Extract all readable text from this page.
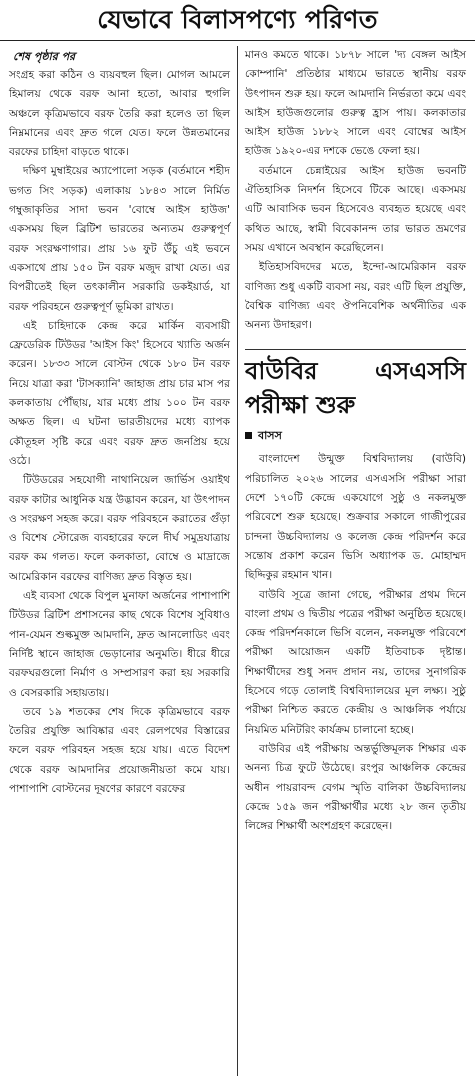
যেভাবে বিলাসপণ্যে পরিণত
শেষ পৃষ্ঠার পর

সংগ্রহ করা কঠিন ও ব্যয়বহুল ছিল। মোগল আমলে হিমালয় থেকে বরফ আনা হতো, আবার হুগলি অঞ্চলে কৃত্রিমভাবে বরফ তৈরি করা হলেও তা ছিল নিম্নমানের এবং দ্রুত গলে যেত। ফলে উন্নতমানের বরফের চাহিদা বাড়তে থাকে।

দক্ষিণ মুম্বাইয়ের অ্যাপোলো সড়ক (বর্তমানে শহীদ ভগত সিং সড়ক) এলাকায় ১৮৪৩ সালে নির্মিত গম্বুজাকৃতির সাদা ভবন 'বোম্বে আইস হাউজ' একসময় ছিল ব্রিটিশ ভারতের অন্যতম গুরুত্বপূর্ণ বরফ সংরক্ষণাগার। প্রায় ১৬ ফুট উঁচু এই ভবনে একসাথে প্রায় ১৫০ টন বরফ মজুদ রাখা যেত। এর বিপরীতেই ছিল তৎকালীন সরকারি ডকইয়ার্ড, যা বরফ পরিবহনে গুরুত্বপূর্ণ ভূমিকা রাখত।

এই চাহিদাকে কেন্দ্র করে মার্কিন ব্যবসায়ী ফ্রেডেরিক টিউডর 'আইস কিং' হিসেবে খ্যাতি অর্জন করেন। ১৮৩৩ সালে বোস্টন থেকে ১৮০ টন বরফ নিয়ে যাত্রা করা 'টাসক্যানি' জাহাজ প্রায় চার মাস পর কলকাতায় পৌঁছায়, যার মধ্যে প্রায় ১০০ টন বরফ অক্ষত ছিল। এ ঘটনা ভারতীয়দের মধ্যে ব্যাপক কৌতূহল সৃষ্টি করে এবং বরফ দ্রুত জনপ্রিয় হয়ে ওঠে।

টিউডরের সহযোগী নাথানিয়েল জার্ভিস ওয়াইথ বরফ কাটার আধুনিক যন্ত্র উদ্ভাবন করেন, যা উৎপাদন ও সংরক্ষণ সহজ করে। বরফ পরিবহনে করাতের গুঁড়া ও বিশেষ স্টোরেজ ব্যবহারের ফলে দীর্ঘ সমুদ্রযাত্রায় বরফ কম গলত। ফলে কলকাতা, বোম্বে ও মাদ্রাজে আমেরিকান বরফের বাণিজ্য দ্রুত বিস্তৃত হয়।

এই ব্যবসা থেকে বিপুল মুনাফা অর্জনের পাশাপাশি টিউডর ব্রিটিশ প্রশাসনের কাছ থেকে বিশেষ সুবিধাও পান-যেমন শুল্কমুক্ত আমদানি, দ্রুত আনলোডিং এবং নির্দিষ্ট স্থানে জাহাজ ভেড়ানোর অনুমতি। ধীরে ধীরে বরফঘরগুলো নির্মাণ ও সম্প্রসারণ করা হয় সরকারি ও বেসরকারি সহায়তায়।

তবে ১৯ শতকের শেষ দিকে কৃত্রিমভাবে বরফ তৈরির প্রযুক্তি আবিষ্কার এবং রেলপথের বিস্তারের ফলে বরফ পরিবহন সহজ হয়ে যায়। এতে বিদেশ থেকে বরফ আমদানির প্রয়োজনীয়তা কমে যায়। পাশাপাশি বোস্টনের দূষণের কারণে বরফের

মানও কমতে থাকে। ১৮৭৮ সালে 'দ্য বেঙ্গল আইস কোম্পানি' প্রতিষ্ঠার মাধ্যমে ভারতে স্থানীয় বরফ উৎপাদন শুরু হয়। ফলে আমদানি নির্ভরতা কমে এবং আইস হাউজগুলোর গুরুত্ব হ্রাস পায়। কলকাতার আইস হাউজ ১৮৮২ সালে এবং বোম্বের আইস হাউজ ১৯২০-এর দশকে ভেঙে ফেলা হয়।

বর্তমানে চেন্নাইয়ের আইস হাউজ ভবনটি ঐতিহাসিক নিদর্শন হিসেবে টিকে আছে। একসময় এটি আবাসিক ভবন হিসেবেও ব্যবহৃত হয়েছে এবং কথিত আছে, স্বামী বিবেকানন্দ তার ভারত ভ্রমণের সময় এখানে অবস্থান করেছিলেন।

ইতিহাসবিদদের মতে, ইন্দো-আমেরিকান বরফ বাণিজ্য শুধু একটি ব্যবসা নয়, বরং এটি ছিল প্রযুক্তি, বৈশ্বিক বাণিজ্য এবং ঔপনিবেশিক অর্থনীতির এক অনন্য উদাহরণ।

বাউবির এসএসসি পরীক্ষা শুরু
বাসস

বাংলাদেশ উন্মুক্ত বিশ্ববিদ্যালয় (বাউবি) পরিচালিত ২০২৬ সালের এসএসসি পরীক্ষা সারা দেশে ১৭০টি কেন্দ্রে একযোগে সুষ্ঠু ও নকলমুক্ত পরিবেশে শুরু হয়েছে। শুক্রবার সকালে গাজীপুরের চান্দনা উচ্চবিদ্যালয় ও কলেজ কেন্দ্র পরিদর্শন করে সন্তোষ প্রকাশ করেন ভিসি অধ্যাপক ড. মোহাম্মদ ছিদ্দিকুর রহমান খান।

বাউবি সূত্রে জানা গেছে, পরীক্ষার প্রথম দিনে বাংলা প্রথম ও দ্বিতীয় পত্রের পরীক্ষা অনুষ্ঠিত হয়েছে। কেন্দ্র পরিদর্শনকালে ভিসি বলেন, নকলমুক্ত পরিবেশে পরীক্ষা আয়োজন একটি ইতিবাচক দৃষ্টান্ত। শিক্ষার্থীদের শুধু সনদ প্রদান নয়, তাদের সুনাগরিক হিসেবে গড়ে তোলাই বিশ্ববিদ্যালয়ের মূল লক্ষ্য। সুষ্ঠু পরীক্ষা নিশ্চিত করতে কেন্দ্রীয় ও আঞ্চলিক পর্যায়ে নিয়মিত মনিটরিং কার্যক্রম চালানো হচ্ছে।

বাউবির এই পরীক্ষায় অন্তর্ভুক্তিমূলক শিক্ষার এক অনন্য চিত্র ফুটে উঠেছে। রংপুর আঞ্চলিক কেন্দ্রের অধীন পায়রাবন্দ বেগম স্মৃতি বালিকা উচ্চবিদ্যালয় কেন্দ্রে ১৫৯ জন পরীক্ষার্থীর মধ্যে ২৮ জন তৃতীয় লিঙ্গের শিক্ষার্থী অংশগ্রহণ করেছেন।
